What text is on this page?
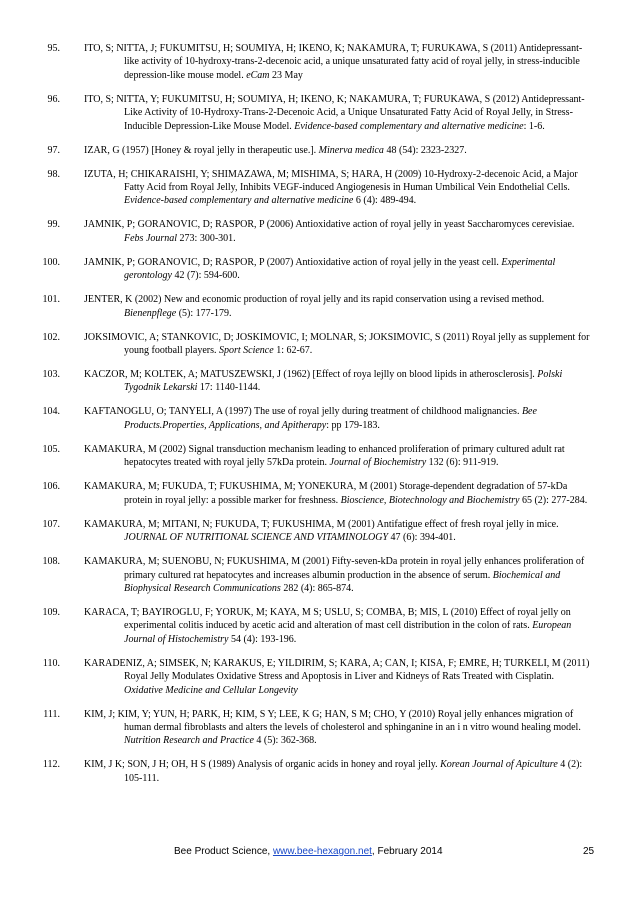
95. ITO, S; NITTA, J; FUKUMITSU, H; SOUMIYA, H; IKENO, K; NAKAMURA, T; FURUKAWA, S (2011) Antidepressant-like activity of 10-hydroxy-trans-2-decenoic acid, a unique unsaturated fatty acid of royal jelly, in stress-inducible depression-like mouse model. eCam 23 May
96. ITO, S; NITTA, Y; FUKUMITSU, H; SOUMIYA, H; IKENO, K; NAKAMURA, T; FURUKAWA, S (2012) Antidepressant-Like Activity of 10-Hydroxy-Trans-2-Decenoic Acid, a Unique Unsaturated Fatty Acid of Royal Jelly, in Stress-Inducible Depression-Like Mouse Model. Evidence-based complementary and alternative medicine: 1-6.
97. IZAR, G (1957) [Honey & royal jelly in therapeutic use.]. Minerva medica 48 (54): 2323-2327.
98. IZUTA, H; CHIKARAISHI, Y; SHIMAZAWA, M; MISHIMA, S; HARA, H (2009) 10-Hydroxy-2-decenoic Acid, a Major Fatty Acid from Royal Jelly, Inhibits VEGF-induced Angiogenesis in Human Umbilical Vein Endothelial Cells. Evidence-based complementary and alternative medicine 6 (4): 489-494.
99. JAMNIK, P; GORANOVIC, D; RASPOR, P (2006) Antioxidative action of royal jelly in yeast Saccharomyces cerevisiae. Febs Journal 273: 300-301.
100. JAMNIK, P; GORANOVIC, D; RASPOR, P (2007) Antioxidative action of royal jelly in the yeast cell. Experimental gerontology 42 (7): 594-600.
101. JENTER, K (2002) New and economic production of royal jelly and its rapid conservation using a revised method. Bienenpflege (5): 177-179.
102. JOKSIMOVIC, A; STANKOVIC, D; JOSKIMOVIC, I; MOLNAR, S; JOKSIMOVIC, S (2011) Royal jelly as supplement for young football players. Sport Science 1: 62-67.
103. KACZOR, M; KOLTEK, A; MATUSZEWSKI, J (1962) [Effect of roya lejlly on blood lipids in atherosclerosis]. Polski Tygodnik Lekarski 17: 1140-1144.
104. KAFTANOGLU, O; TANYELI, A (1997) The use of royal jelly during treatment of childhood malignancies. Bee Products.Properties, Applications, and Apitherapy: pp 179-183.
105. KAMAKURA, M (2002) Signal transduction mechanism leading to enhanced proliferation of primary cultured adult rat hepatocytes treated with royal jelly 57kDa protein. Journal of Biochemistry 132 (6): 911-919.
106. KAMAKURA, M; FUKUDA, T; FUKUSHIMA, M; YONEKURA, M (2001) Storage-dependent degradation of 57-kDa protein in royal jelly: a possible marker for freshness. Bioscience, Biotechnology and Biochemistry 65 (2): 277-284.
107. KAMAKURA, M; MITANI, N; FUKUDA, T; FUKUSHIMA, M (2001) Antifatigue effect of fresh royal jelly in mice. JOURNAL OF NUTRITIONAL SCIENCE AND VITAMINOLOGY 47 (6): 394-401.
108. KAMAKURA, M; SUENOBU, N; FUKUSHIMA, M (2001) Fifty-seven-kDa protein in royal jelly enhances proliferation of primary cultured rat hepatocytes and increases albumin production in the absence of serum. Biochemical and Biophysical Research Communications 282 (4): 865-874.
109. KARACA, T; BAYIROGLU, F; YORUK, M; KAYA, M S; USLU, S; COMBA, B; MIS, L (2010) Effect of royal jelly on experimental colitis induced by acetic acid and alteration of mast cell distribution in the colon of rats. European Journal of Histochemistry 54 (4): 193-196.
110. KARADENIZ, A; SIMSEK, N; KARAKUS, E; YILDIRIM, S; KARA, A; CAN, I; KISA, F; EMRE, H; TURKELI, M (2011) Royal Jelly Modulates Oxidative Stress and Apoptosis in Liver and Kidneys of Rats Treated with Cisplatin. Oxidative Medicine and Cellular Longevity
111. KIM, J; KIM, Y; YUN, H; PARK, H; KIM, S Y; LEE, K G; HAN, S M; CHO, Y (2010) Royal jelly enhances migration of human dermal fibroblasts and alters the levels of cholesterol and sphinganine in an i n vitro wound healing model. Nutrition Research and Practice 4 (5): 362-368.
112. KIM, J K; SON, J H; OH, H S (1989) Analysis of organic acids in honey and royal jelly. Korean Journal of Apiculture 4 (2): 105-111.
Bee Product Science, www.bee-hexagon.net, February 2014	25
